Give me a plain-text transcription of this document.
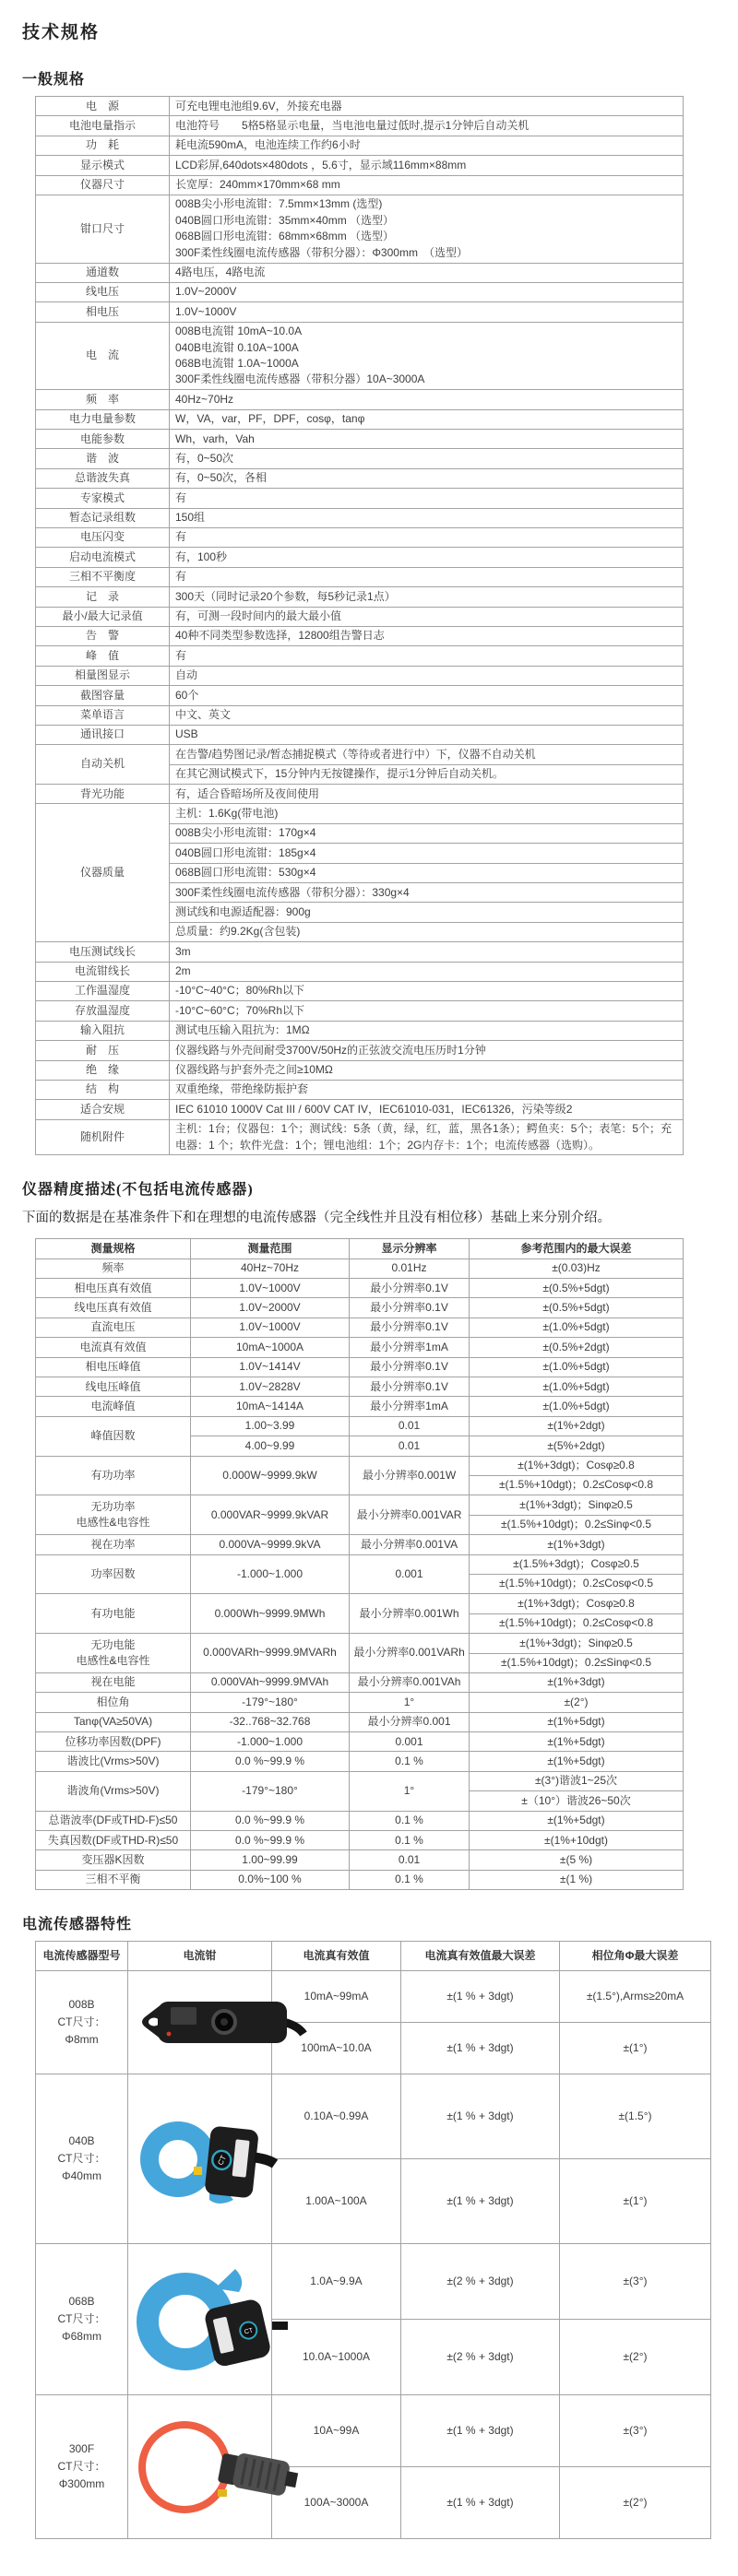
技术规格
一般规格
电　源	可充电锂电池组9.6V，外接充电器

电池电量指示	电池符号　　5格5格显示电量，当电池电量过低时,提示1分钟后自动关机

功　耗	耗电流590mA，电池连续工作约6小时

显示模式	LCD彩屏,640dots×480dots ，5.6寸，显示域116mm×88mm

仪器尺寸	长宽厚：240mm×170mm×68 mm

钳口尺寸	008B尖小形电流钳：7.5mm×13mm (选型)
040B圆口形电流钳：35mm×40mm （选型）
068B圆口形电流钳：68mm×68mm （选型）
300F柔性线圈电流传感器（带积分器）：Φ300mm　（选型）

通道数	4路电压，4路电流

线电压	1.0V~2000V

相电压	1.0V~1000V

电　流	008B电流钳 10mA~10.0A
040B电流钳 0.10A~100A
068B电流钳 1.0A~1000A
300F柔性线圈电流传感器（带积分器）10A~3000A

频　率	40Hz~70Hz

电力电量参数	W，VA，var，PF，DPF，cosφ，tanφ

电能参数	Wh，varh，Vah

谐　波	有，0~50次

总谐波失真	有，0~50次，各相

专家模式	有

暂态记录组数	150组

电压闪变	有

启动电流模式	有，100秒

三相不平衡度	有

记　录	300天（同时记录20个参数，每5秒记录1点）

最小/最大记录值	有，可测一段时间内的最大最小值

告　警	40种不同类型参数选择，12800组告警日志

峰　值	有

相量图显示	自动

截图容量	60个

菜单语言	中文、英文

通讯接口	USB

自动关机	在告警/趋势图记录/暂态捕捉模式（等待或者进行中）下，仪器不自动关机
	在其它测试模式下，15分钟内无按键操作，提示1分钟后自动关机。
背光功能	有，适合昏暗场所及夜间使用

仪器质量	主机：1.6Kg(带电池)
	008B尖小形电流钳：170g×4
	040B圆口形电流钳：185g×4
	068B圆口形电流钳：530g×4
	300F柔性线圈电流传感器（带积分器）：330g×4
	测试线和电源适配器：900g
	总质量：约9.2Kg(含包装)
电压测试线长	3m

电流钳线长	2m

工作温湿度	-10°C~40°C；80%Rh以下

存放温湿度	-10°C~60°C；70%Rh以下

输入阻抗	测试电压输入阻抗为：1MΩ

耐　压	仪器线路与外壳间耐受3700V/50Hz的正弦波交流电压历时1分钟

绝　缘	仪器线路与护套外壳之间≥10MΩ

结　构	双重绝缘，带绝缘防振护套

适合安规	IEC 61010 1000V Cat III / 600V CAT IV，IEC61010-031，IEC61326，污染等级2

随机附件	主机：1台；仪器包：1个；测试线：5条（黄，绿，红，蓝，黑各1条）；鳄鱼夹：5个；表笔：5个；充电器：1 个；软件光盘：1个；锂电池组：1个；2G内存卡：1个；电流传感器（选购）。
仪器精度描述(不包括电流传感器)

下面的数据是在基准条件下和在理想的电流传感器（完全线性并且没有相位移）基础上来分别介绍。

测量规格	测量范围	显示分辨率	参考范围内的最大误差
频率	40Hz~70Hz	0.01Hz	±(0.03)Hz
相电压真有效值	1.0V~1000V	最小分辨率0.1V	±(0.5%+5dgt)
线电压真有效值	1.0V~2000V	最小分辨率0.1V	±(0.5%+5dgt)
直流电压	1.0V~1000V	最小分辨率0.1V	±(1.0%+5dgt)
电流真有效值	10mA~1000A	最小分辨率1mA	±(0.5%+2dgt)
相电压峰值	1.0V~1414V	最小分辨率0.1V	±(1.0%+5dgt)
线电压峰值	1.0V~2828V	最小分辨率0.1V	±(1.0%+5dgt)
电流峰值	10mA~1414A	最小分辨率1mA	±(1.0%+5dgt)
峰值因数	1.00~3.99	0.01	±(1%+2dgt)
	4.00~9.99	0.01	±(5%+2dgt)
有功功率	0.000W~9999.9kW	最小分辨率0.001W	±(1%+3dgt)；Cosφ≥0.8
			±(1.5%+10dgt)；0.2≤Cosφ<0.8

无功功率
电感性&电容性	0.000VAR~9999.9kVAR	最小分辨率0.001VAR	±(1%+3dgt)；Sinφ≥0.5
			±(1.5%+10dgt)；0.2≤Sinφ<0.5
视在功率	0.000VA~9999.9kVA	最小分辨率0.001VA	±(1%+3dgt)
功率因数	-1.000~1.000	0.001	±(1.5%+3dgt)；Cosφ≥0.5
			±(1.5%+10dgt)；0.2≤Cosφ<0.5
有功电能	0.000Wh~9999.9MWh	最小分辨率0.001Wh	±(1%+3dgt)；Cosφ≥0.8
			±(1.5%+10dgt)；0.2≤Cosφ<0.8

无功电能
电感性&电容性	0.000VARh~9999.9MVARh	最小分辨率0.001VARh	±(1%+3dgt)；Sinφ≥0.5
			±(1.5%+10dgt)；0.2≤Sinφ<0.5
视在电能	0.000VAh~9999.9MVAh	最小分辨率0.001VAh	±(1%+3dgt)
相位角	-179°~180°	1°	±(2°)
Tanφ(VA≥50VA)	-32..768~32.768	最小分辨率0.001	±(1%+5dgt)
位移功率因数(DPF)	-1.000~1.000	0.001	±(1%+5dgt)
谐波比(Vrms>50V)	0.0 %~99.9 %	0.1 %	±(1%+5dgt)
谐波角(Vrms>50V)	-179°~180°	1°	±(3°)谐波1~25次
			±（10°）谐波26~50次
总谐波率(DF或THD-F)≤50	0.0 %~99.9 %	0.1 %	±(1%+5dgt)
失真因数(DF或THD-R)≤50	0.0 %~99.9 %	0.1 %	±(1%+10dgt)
变压器K因数	1.00~99.99	0.01	±(5 %)
三相不平衡	0.0%~100 %	0.1 %	±(1 %)
电流传感器特性
电流传感器型号	电流钳	电流真有效值	电流真有效值最大误差	相位角Φ最大误差

008B
CT尺寸：Φ8mm		10mA~99mA	±(1 % + 3dgt)	±(1.5°),Arms≥20mA
		100mA~10.0A	±(1 % + 3dgt)	±(1°)

040B
CT尺寸：Φ40mm	CT	0.10A~0.99A	±(1 % + 3dgt)	±(1.5°)
		1.00A~100A	±(1 % + 3dgt)	±(1°)

068B
CT尺寸：Φ68mm	CT	1.0A~9.9A	±(2 % + 3dgt)	±(3°)
		10.0A~1000A	±(2 % + 3dgt)	±(2°)

300F
CT尺寸：Φ300mm		10A~99A	±(1 % + 3dgt)	±(3°)
		100A~3000A	±(1 % + 3dgt)	±(2°)
